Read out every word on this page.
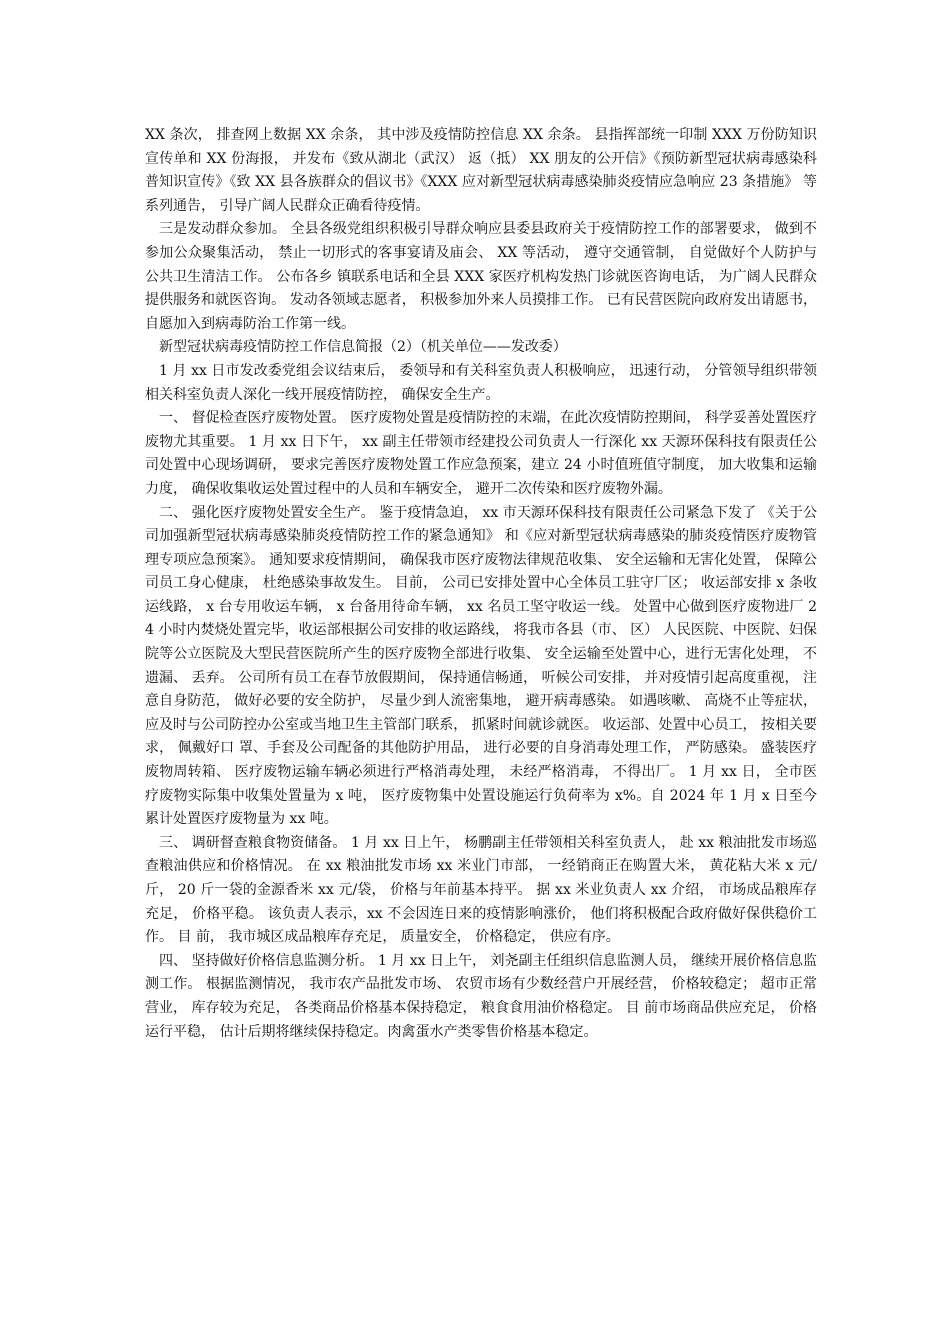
XX 条次， 排查网上数据 XX 余条， 其中涉及疫情防控信息 XX 余条。 县指挥部统一印制 XXX 万份防知识宣传单和 XX 份海报， 并发布《致从湖北（武汉） 返（抵） XX 朋友的公开信》《预防新型冠状病毒感染科普知识宣传》《致 XX 县各族群众的倡议书》《XXX 应对新型冠状病毒感染肺炎疫情应急响应 23 条措施》 等系列通告， 引导广阔人民群众正确看待疫情。

三是发动群众参加。 全县各级党组织积极引导群众响应县委县政府关于疫情防控工作的部署要求， 做到不参加公众聚集活动， 禁止一切形式的客事宴请及庙会、 XX 等活动， 遵守交通管制， 自觉做好个人防护与公共卫生清洁工作。 公布各乡 镇联系电话和全县 XXX 家医疗机构发热门诊就医咨询电话， 为广阔人民群众提供服务和就医咨询。 发动各领域志愿者， 积极参加外来人员摸排工作。 已有民营医院向政府发出请愿书， 自愿加入到病毒防治工作第一线。

新型冠状病毒疫情防控工作信息简报（2）（机关单位——发改委）

1 月 xx 日市发改委党组会议结束后， 委领导和有关科室负责人积极响应， 迅速行动， 分管领导组织带领相关科室负责人深化一线开展疫情防控， 确保安全生产。

一、 督促检查医疗废物处置。 医疗废物处置是疫情防控的末端，在此次疫情防控期间， 科学妥善处置医疗废物尤其重要。 1 月 xx 日下午， xx 副主任带领市经建投公司负责人一行深化 xx 天源环保科技有限责任公司处置中心现场调研， 要求完善医疗废物处置工作应急预案，建立 24 小时值班值守制度， 加大收集和运输力度， 确保收集收运处置过程中的人员和车辆安全， 避开二次传染和医疗废物外漏。

二、 强化医疗废物处置安全生产。 鉴于疫情急迫， xx 市天源环保科技有限责任公司紧急下发了 《关于公司加强新型冠状病毒感染肺炎疫情防控工作的紧急通知》 和《应对新型冠状病毒感染的肺炎疫情医疗废物管理专项应急预案》。 通知要求疫情期间， 确保我市医疗废物法律规范收集、 安全运输和无害化处置， 保障公司员工身心健康， 杜绝感染事故发生。 目前， 公司已安排处置中心全体员工驻守厂区； 收运部安排 x 条收运线路， x 台专用收运车辆， x 台备用待命车辆， xx 名员工坚守收运一线。 处置中心做到医疗废物进厂 24 小时内焚烧处置完毕，收运部根据公司安排的收运路线， 将我市各县（市、 区） 人民医院、中医院、妇保院等公立医院及大型民营医院所产生的医疗废物全部进行收集、 安全运输至处置中心，进行无害化处理， 不遗漏、 丢弃。 公司所有员工在春节放假期间， 保持通信畅通， 听候公司安排， 并对疫情引起高度重视， 注意自身防范， 做好必要的安全防护， 尽量少到人流密集地， 避开病毒感染。 如遇咳嗽、 高烧不止等症状， 应及时与公司防控办公室或当地卫生主管部门联系， 抓紧时间就诊就医。 收运部、处置中心员工， 按相关要求， 佩戴好口 罩、手套及公司配备的其他防护用品， 进行必要的自身消毒处理工作， 严防感染。 盛装医疗废物周转箱、 医疗废物运输车辆必须进行严格消毒处理， 未经严格消毒， 不得出厂。 1 月 xx 日， 全市医疗废物实际集中收集处置量为 x 吨， 医疗废物集中处置设施运行负荷率为 x%。自 2024 年 1 月 x 日至今累计处置医疗废物量为 xx 吨。

三、 调研督查粮食物资储备。 1 月 xx 日上午， 杨鹏副主任带领相关科室负责人， 赴 xx 粮油批发市场巡查粮油供应和价格情况。 在 xx 粮油批发市场 xx 米业门市部， 一经销商正在购置大米， 黄花粘大米 x 元/斤， 20 斤一袋的金源香米 xx 元/袋， 价格与年前基本持平。 据 xx 米业负责人 xx 介绍， 市场成品粮库存充足， 价格平稳。 该负责人表示，xx 不会因连日来的疫情影响涨价， 他们将积极配合政府做好保供稳价工作。 目 前， 我市城区成品粮库存充足， 质量安全， 价格稳定， 供应有序。

四、 坚持做好价格信息监测分析。 1 月 xx 日上午， 刘尧副主任组织信息监测人员， 继续开展价格信息监测工作。 根据监测情况， 我市农产品批发市场、 农贸市场有少数经营户开展经营， 价格较稳定； 超市正常营业， 库存较为充足， 各类商品价格基本保持稳定， 粮食食用油价格稳定。 目 前市场商品供应充足， 价格运行平稳， 估计后期将继续保持稳定。肉禽蛋水产类零售价格基本稳定。
